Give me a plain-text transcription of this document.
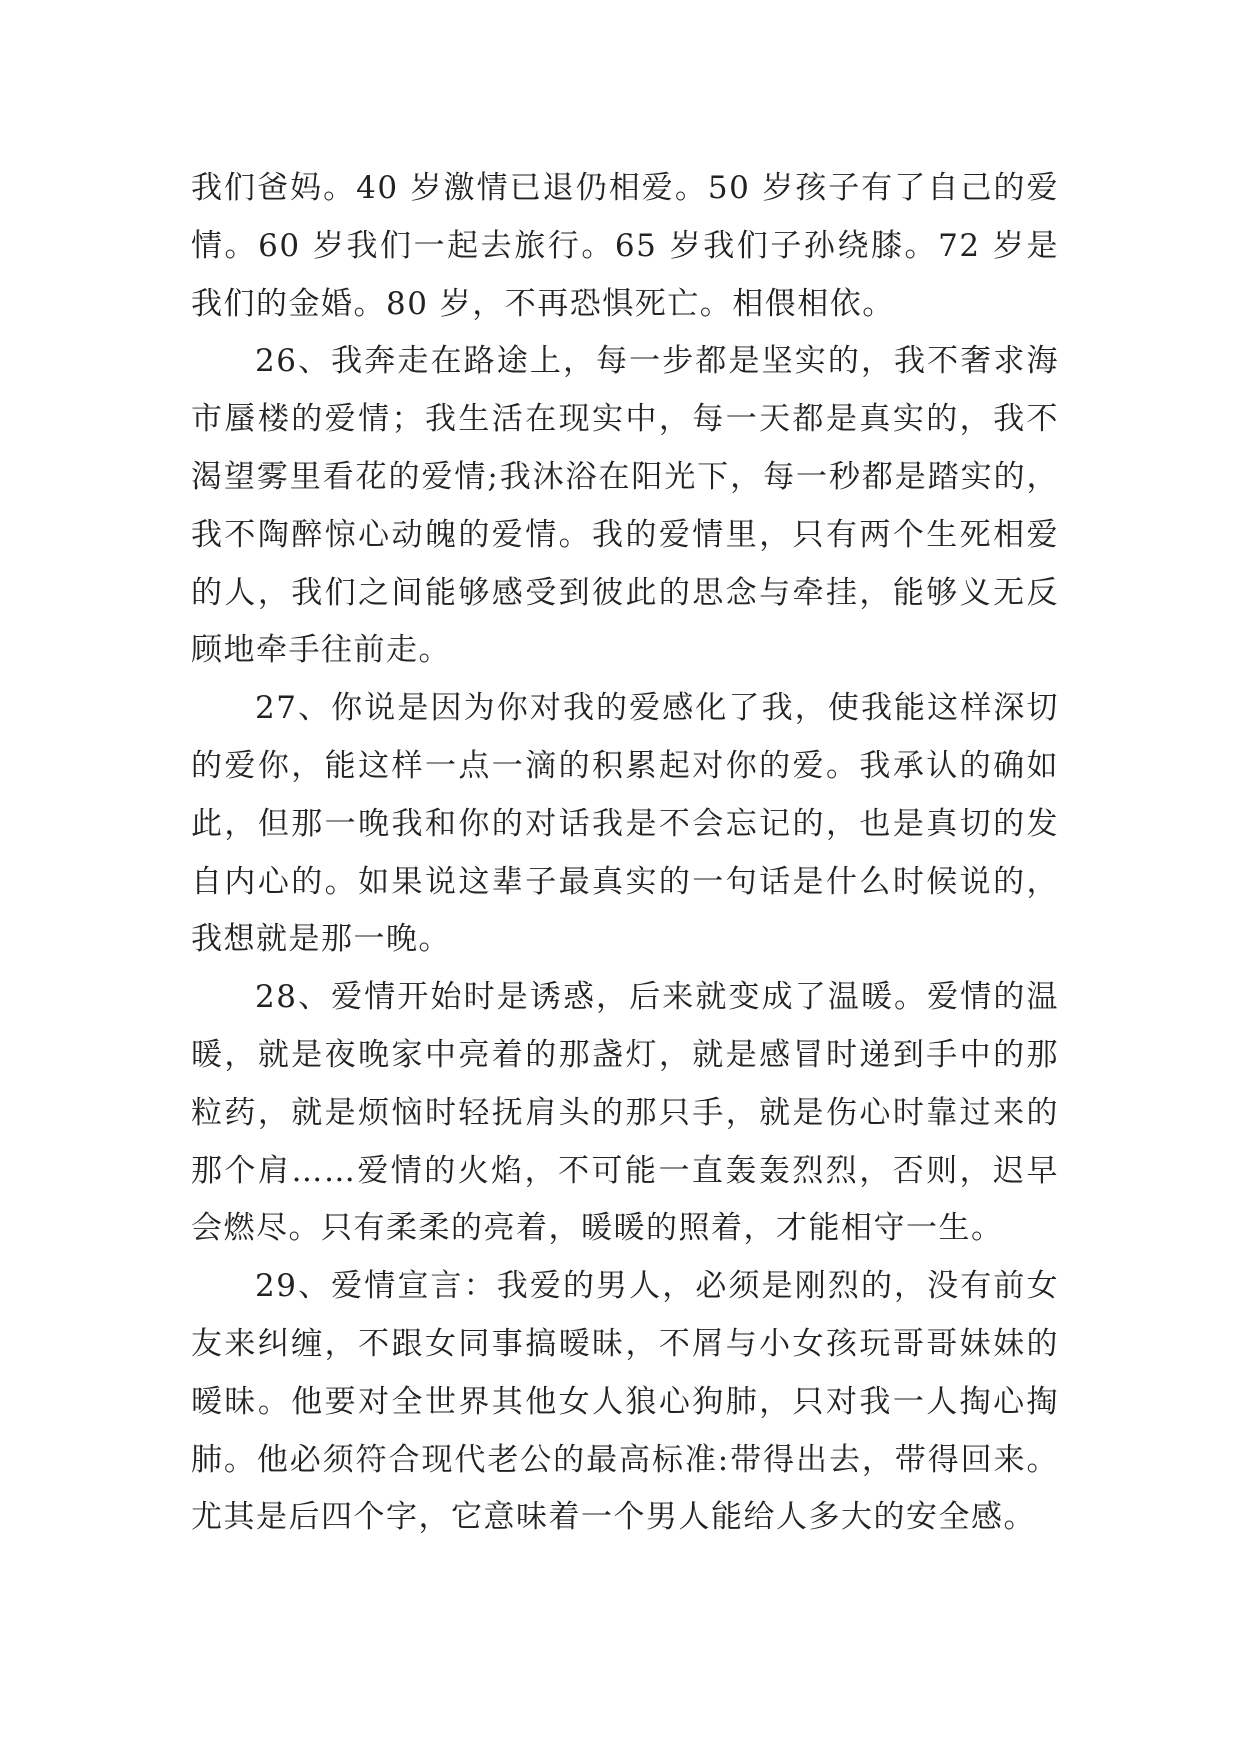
我们爸妈。40 岁激情已退仍相爱。50 岁孩子有了自己的爱情。60 岁我们一起去旅行。65 岁我们子孙绕膝。72 岁是我们的金婚。80 岁，不再恐惧死亡。相偎相依。

26、我奔走在路途上，每一步都是坚实的，我不奢求海市蜃楼的爱情；我生活在现实中，每一天都是真实的，我不渴望雾里看花的爱情;我沐浴在阳光下，每一秒都是踏实的，我不陶醉惊心动魄的爱情。我的爱情里，只有两个生死相爱的人，我们之间能够感受到彼此的思念与牵挂，能够义无反顾地牵手往前走。

27、你说是因为你对我的爱感化了我，使我能这样深切的爱你，能这样一点一滴的积累起对你的爱。我承认的确如此，但那一晚我和你的对话我是不会忘记的，也是真切的发自内心的。如果说这辈子最真实的一句话是什么时候说的，我想就是那一晚。

28、爱情开始时是诱惑，后来就变成了温暖。爱情的温暖，就是夜晚家中亮着的那盏灯，就是感冒时递到手中的那粒药，就是烦恼时轻抚肩头的那只手，就是伤心时靠过来的那个肩……爱情的火焰，不可能一直轰轰烈烈，否则，迟早会燃尽。只有柔柔的亮着，暖暖的照着，才能相守一生。

29、爱情宣言：我爱的男人，必须是刚烈的，没有前女友来纠缠，不跟女同事搞暧昧，不屑与小女孩玩哥哥妹妹的暧昧。他要对全世界其他女人狼心狗肺，只对我一人掏心掏肺。他必须符合现代老公的最高标准:带得出去，带得回来。尤其是后四个字，它意味着一个男人能给人多大的安全感。
